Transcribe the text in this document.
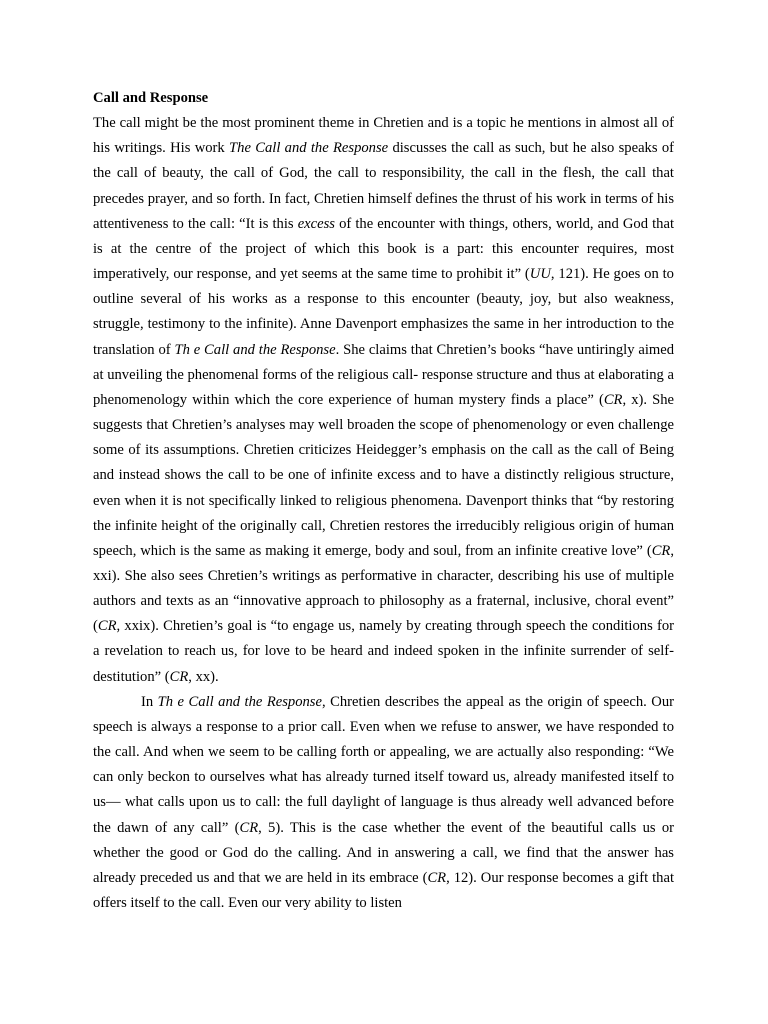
Call and Response

The call might be the most prominent theme in Chretien and is a topic he mentions in almost all of his writings. His work The Call and the Response discusses the call as such, but he also speaks of the call of beauty, the call of God, the call to responsibility, the call in the flesh, the call that precedes prayer, and so forth. In fact, Chretien himself defines the thrust of his work in terms of his attentiveness to the call: “It is this excess of the encounter with things, others, world, and God that is at the centre of the project of which this book is a part: this encounter requires, most imperatively, our response, and yet seems at the same time to prohibit it” (UU, 121). He goes on to outline several of his works as a response to this encounter (beauty, joy, but also weakness, struggle, testimony to the infinite). Anne Davenport emphasizes the same in her introduction to the translation of Th e Call and the Response. She claims that Chretien’s books “have untiringly aimed at unveiling the phenomenal forms of the religious call- response structure and thus at elaborating a phenomenology within which the core experience of human mystery finds a place” (CR, x). She suggests that Chretien’s analyses may well broaden the scope of phenomenology or even challenge some of its assumptions. Chretien criticizes Heidegger’s emphasis on the call as the call of Being and instead shows the call to be one of infinite excess and to have a distinctly religious structure, even when it is not specifically linked to religious phenomena. Davenport thinks that “by restoring the infinite height of the originally call, Chretien restores the irreducibly religious origin of human speech, which is the same as making it emerge, body and soul, from an infinite creative love” (CR, xxi). She also sees Chretien’s writings as performative in character, describing his use of multiple authors and texts as an “innovative approach to philosophy as a fraternal, inclusive, choral event” (CR, xxix). Chretien’s goal is “to engage us, namely by creating through speech the conditions for a revelation to reach us, for love to be heard and indeed spoken in the infinite surrender of self- destitution” (CR, xx).

In Th e Call and the Response, Chretien describes the appeal as the origin of speech. Our speech is always a response to a prior call. Even when we refuse to answer, we have responded to the call. And when we seem to be calling forth or appealing, we are actually also responding: “We can only beckon to ourselves what has already turned itself toward us, already manifested itself to us— what calls upon us to call: the full daylight of language is thus already well advanced before the dawn of any call” (CR, 5). This is the case whether the event of the beautiful calls us or whether the good or God do the calling. And in answering a call, we find that the answer has already preceded us and that we are held in its embrace (CR, 12). Our response becomes a gift that offers itself to the call. Even our very ability to listen
